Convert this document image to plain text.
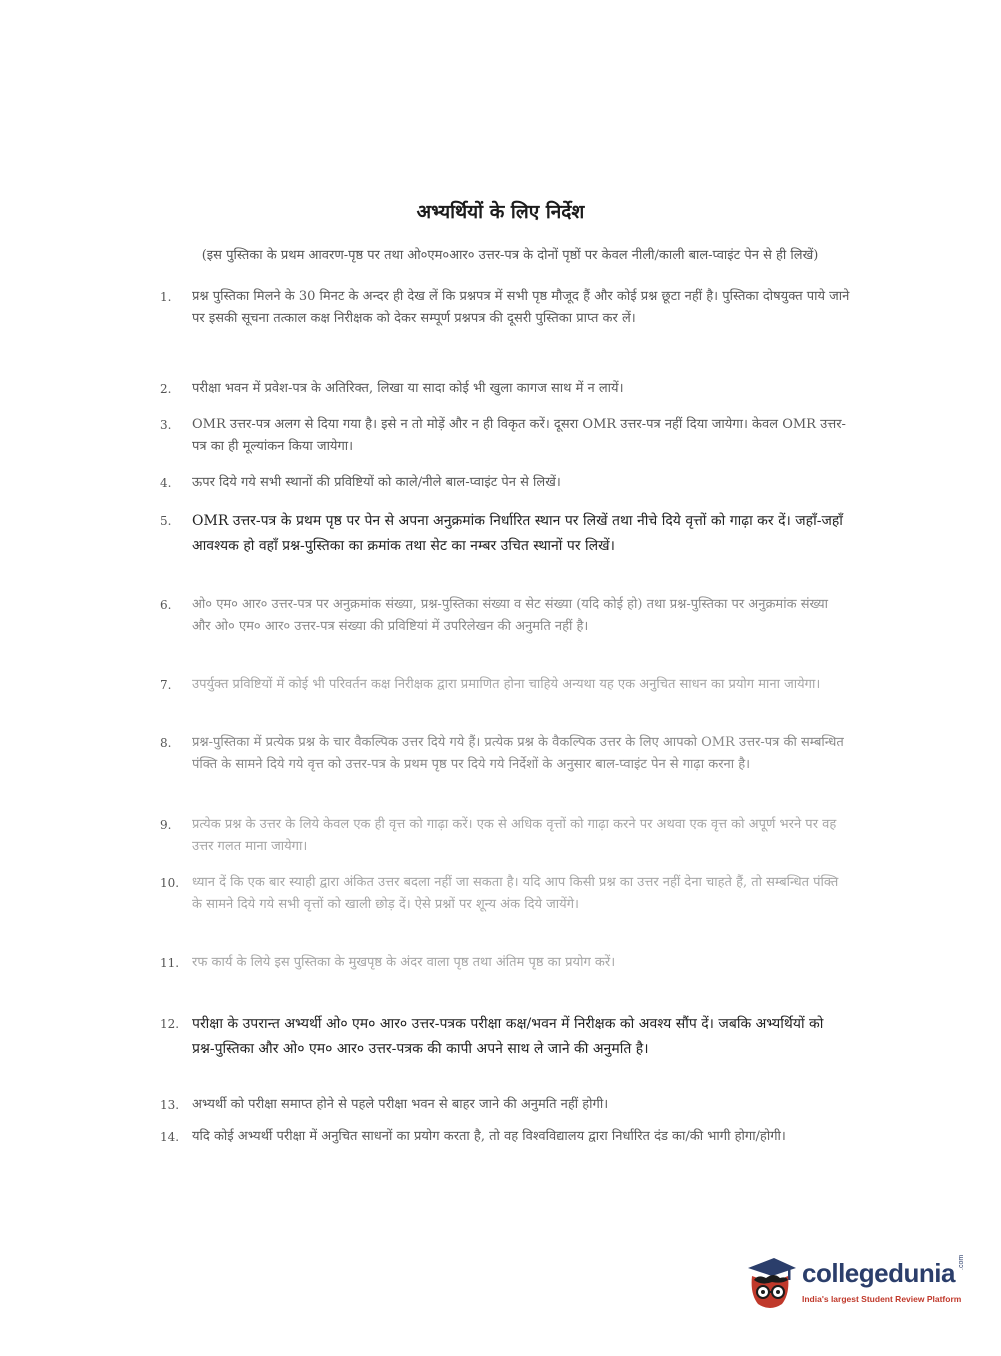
अभ्यर्थियों के लिए निर्देश
(इस पुस्तिका के प्रथम आवरण-पृष्ठ पर तथा ओ०एम०आर० उत्तर-पत्र के दोनों पृष्ठों पर केवल नीली/काली बाल-प्वाइंट पेन से ही लिखें)
1.	प्रश्न पुस्तिका मिलने के 30 मिनट के अन्दर ही देख लें कि प्रश्नपत्र में सभी पृष्ठ मौजूद हैं और कोई प्रश्न छूटा नहीं है। पुस्तिका दोषयुक्त पाये जाने पर इसकी सूचना तत्काल कक्ष निरीक्षक को देकर सम्पूर्ण प्रश्नपत्र की दूसरी पुस्तिका प्राप्त कर लें।
2.	परीक्षा भवन में प्रवेश-पत्र के अतिरिक्त, लिखा या सादा कोई भी खुला कागज साथ में न लायें।
3.	OMR उत्तर-पत्र अलग से दिया गया है। इसे न तो मोड़ें और न ही विकृत करें। दूसरा OMR उत्तर-पत्र नहीं दिया जायेगा। केवल OMR उत्तर-पत्र का ही मूल्यांकन किया जायेगा।
4.	ऊपर दिये गये सभी स्थानों की प्रविष्टियों को काले/नीले बाल-प्वाइंट पेन से लिखें।
5.	OMR उत्तर-पत्र के प्रथम पृष्ठ पर पेन से अपना अनुक्रमांक निर्धारित स्थान पर लिखें तथा नीचे दिये वृत्तों को गाढ़ा कर दें। जहाँ-जहाँ आवश्यक हो वहाँ प्रश्न-पुस्तिका का क्रमांक तथा सेट का नम्बर उचित स्थानों पर लिखें।
6.	ओ० एम० आर० उत्तर-पत्र पर अनुक्रमांक संख्या, प्रश्न-पुस्तिका संख्या व सेट संख्या (यदि कोई हो) तथा प्रश्न-पुस्तिका पर अनुक्रमांक संख्या और ओ० एम० आर० उत्तर-पत्र संख्या की प्रविष्टियां में उपरिलेखन की अनुमति नहीं है।
7.	उपर्युक्त प्रविष्टियों में कोई भी परिवर्तन कक्ष निरीक्षक द्वारा प्रमाणित होना चाहिये अन्यथा यह एक अनुचित साधन का प्रयोग माना जायेगा।
8.	प्रश्न-पुस्तिका में प्रत्येक प्रश्न के चार वैकल्पिक उत्तर दिये गये हैं। प्रत्येक प्रश्न के वैकल्पिक उत्तर के लिए आपको OMR उत्तर-पत्र की सम्बन्धित पंक्ति के सामने दिये गये वृत्त को उत्तर-पत्र के प्रथम पृष्ठ पर दिये गये निर्देशों के अनुसार बाल-प्वाइंट पेन से गाढ़ा करना है।
9.	प्रत्येक प्रश्न के उत्तर के लिये केवल एक ही वृत्त को गाढ़ा करें। एक से अधिक वृत्तों को गाढ़ा करने पर अथवा एक वृत्त को अपूर्ण भरने पर वह उत्तर गलत माना जायेगा।
10. ध्यान दें कि एक बार स्याही द्वारा अंकित उत्तर बदला नहीं जा सकता है। यदि आप किसी प्रश्न का उत्तर नहीं देना चाहते हैं, तो सम्बन्धित पंक्ति के सामने दिये गये सभी वृत्तों को खाली छोड़ दें। ऐसे प्रश्नों पर शून्य अंक दिये जायेंगे।
11. रफ कार्य के लिये इस पुस्तिका के मुखपृष्ठ के अंदर वाला पृष्ठ तथा अंतिम पृष्ठ का प्रयोग करें।
12. परीक्षा के उपरान्त अभ्यर्थी ओ० एम० आर० उत्तर-पत्रक परीक्षा कक्ष/भवन में निरीक्षक को अवश्य सौंप दें। जबकि अभ्यर्थियों को प्रश्न-पुस्तिका और ओ० एम० आर० उत्तर-पत्रक की कापी अपने साथ ले जाने की अनुमति है।
13. अभ्यर्थी को परीक्षा समाप्त होने से पहले परीक्षा भवन से बाहर जाने की अनुमति नहीं होगी।
14. यदि कोई अभ्यर्थी परीक्षा में अनुचित साधनों का प्रयोग करता है, तो वह विश्वविद्यालय द्वारा निर्धारित दंड का/की भागी होगा/होगी।
collegedunia .com
India's largest Student Review Platform
